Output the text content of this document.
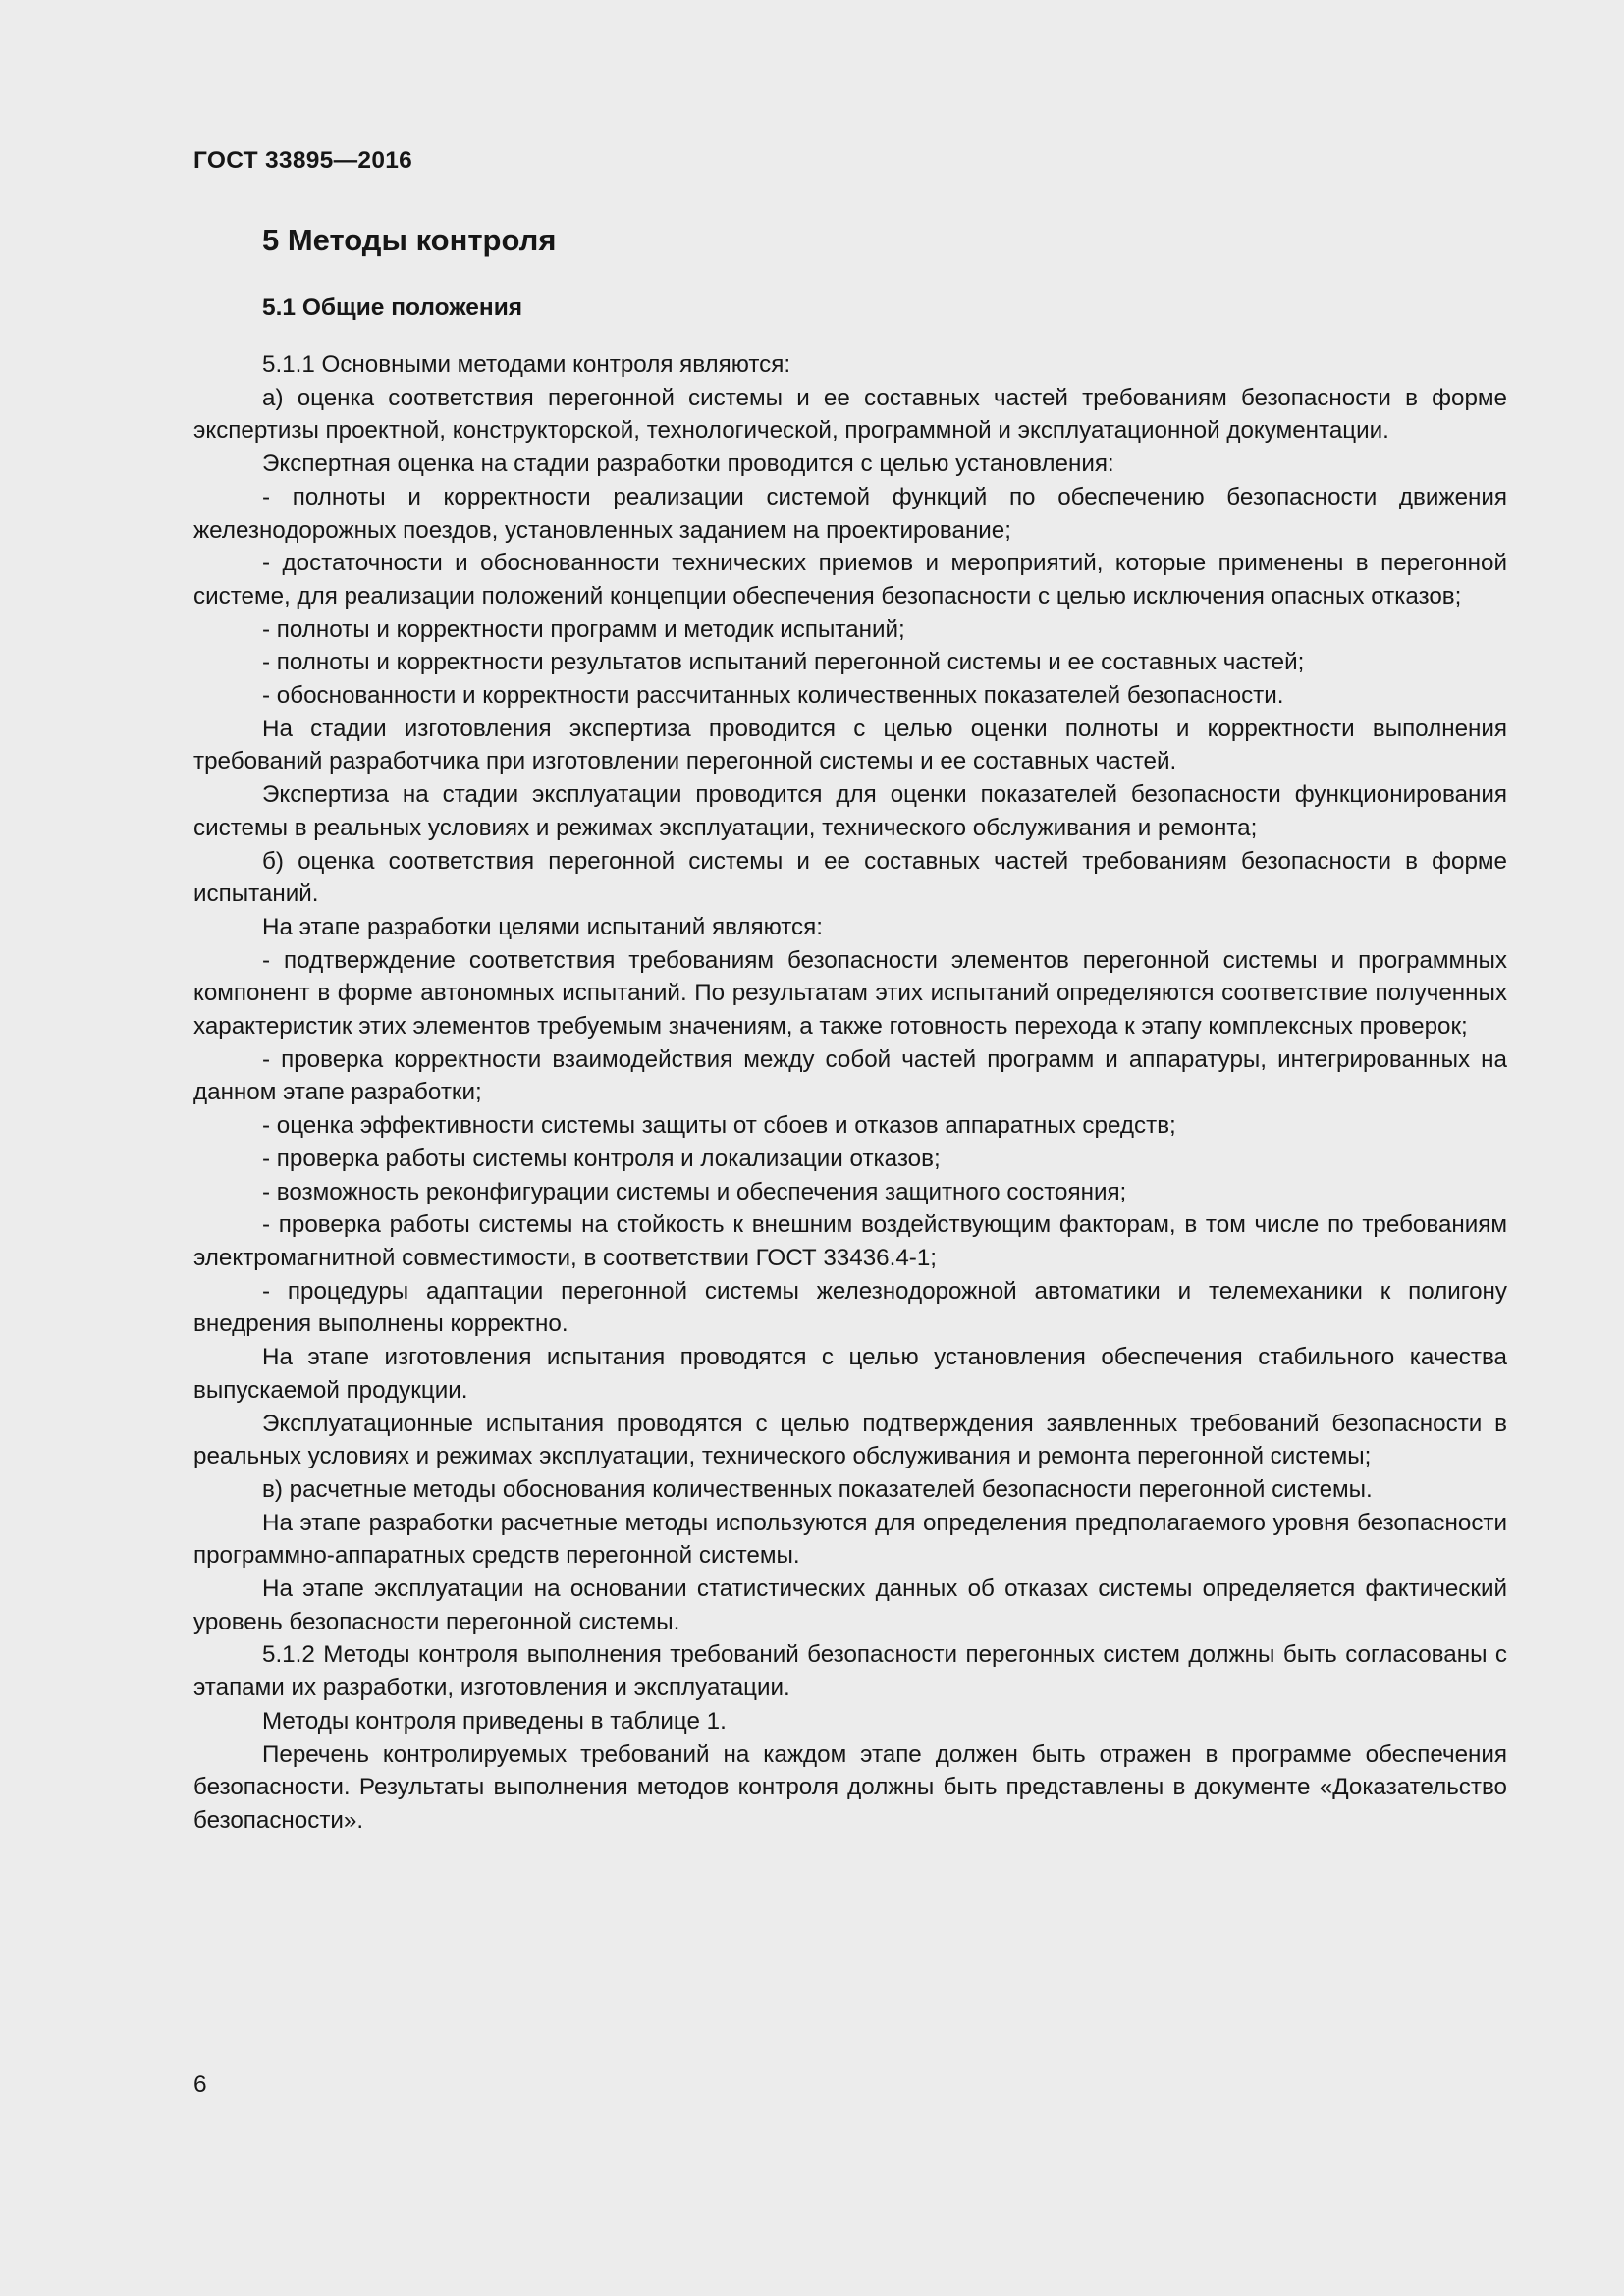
ГОСТ 33895—2016
5 Методы контроля
5.1 Общие положения

5.1.1 Основными методами контроля являются:

а) оценка соответствия перегонной системы и ее составных частей требованиям безопасности в форме экспертизы проектной, конструкторской, технологической, программной и эксплуатационной документации.

Экспертная оценка на стадии разработки проводится с целью установления:

- полноты и корректности реализации системой функций по обеспечению безопасности движения железнодорожных поездов, установленных заданием на проектирование;

- достаточности и обоснованности технических приемов и мероприятий, которые применены в перегонной системе, для реализации положений концепции обеспечения безопасности с целью исключения опасных отказов;

- полноты и корректности программ и методик испытаний;

- полноты и корректности результатов испытаний перегонной системы и ее составных частей;

- обоснованности и корректности рассчитанных количественных показателей безопасности.

На стадии изготовления экспертиза проводится с целью оценки полноты и корректности выполнения требований разработчика при изготовлении перегонной системы и ее составных частей.

Экспертиза на стадии эксплуатации проводится для оценки показателей безопасности функционирования системы в реальных условиях и режимах эксплуатации, технического обслуживания и ремонта;

б) оценка соответствия перегонной системы и ее составных частей требованиям безопасности в форме испытаний.

На этапе разработки целями испытаний являются:

- подтверждение соответствия требованиям безопасности элементов перегонной системы и программных компонент в форме автономных испытаний. По результатам этих испытаний определяются соответствие полученных характеристик этих элементов требуемым значениям, а также готовность перехода к этапу комплексных проверок;

- проверка корректности взаимодействия между собой частей программ и аппаратуры, интегрированных на данном этапе разработки;

- оценка эффективности системы защиты от сбоев и отказов аппаратных средств;

- проверка работы системы контроля и локализации отказов;

- возможность реконфигурации системы и обеспечения защитного состояния;

- проверка работы системы на стойкость к внешним воздействующим факторам, в том числе по требованиям электромагнитной совместимости, в соответствии ГОСТ 33436.4-1;

- процедуры адаптации перегонной системы железнодорожной автоматики и телемеханики к полигону внедрения выполнены корректно.

На этапе изготовления испытания проводятся с целью установления обеспечения стабильного качества выпускаемой продукции.

Эксплуатационные испытания проводятся с целью подтверждения заявленных требований безопасности в реальных условиях и режимах эксплуатации, технического обслуживания и ремонта перегонной системы;

в) расчетные методы обоснования количественных показателей безопасности перегонной системы.

На этапе разработки расчетные методы используются для определения предполагаемого уровня безопасности программно-аппаратных средств перегонной системы.

На этапе эксплуатации на основании статистических данных об отказах системы определяется фактический уровень безопасности перегонной системы.

5.1.2 Методы контроля выполнения требований безопасности перегонных систем должны быть согласованы с этапами их разработки, изготовления и эксплуатации.

Методы контроля приведены в таблице 1.

Перечень контролируемых требований на каждом этапе должен быть отражен в программе обеспечения безопасности. Результаты выполнения методов контроля должны быть представлены в документе «Доказательство безопасности».

6
